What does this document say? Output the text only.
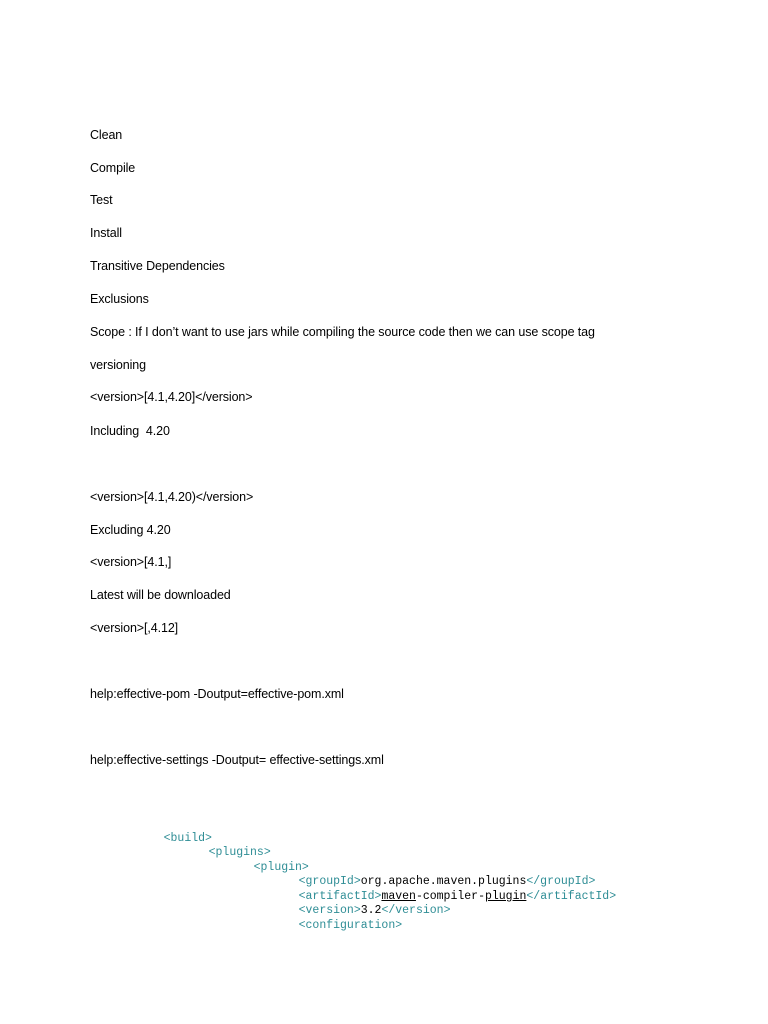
Clean
Compile
Test
Install
Transitive Dependencies
Exclusions
Scope : If I don’t want to use jars while compiling the source code then we can use scope tag
versioning
<version>[4.1,4.20]</version>
Including  4.20
<version>[4.1,4.20)</version>
Excluding 4.20
<version>[4.1,]
Latest will be downloaded
<version>[,4.12]
help:effective-pom -Doutput=effective-pom.xml
help:effective-settings -Doutput= effective-settings.xml

<build>

<plugins>

<plugin>

<groupId>org.apache.maven.plugins</groupId>

<artifactId>maven-compiler-plugin</artifactId>

<version>3.2</version>

<configuration>
